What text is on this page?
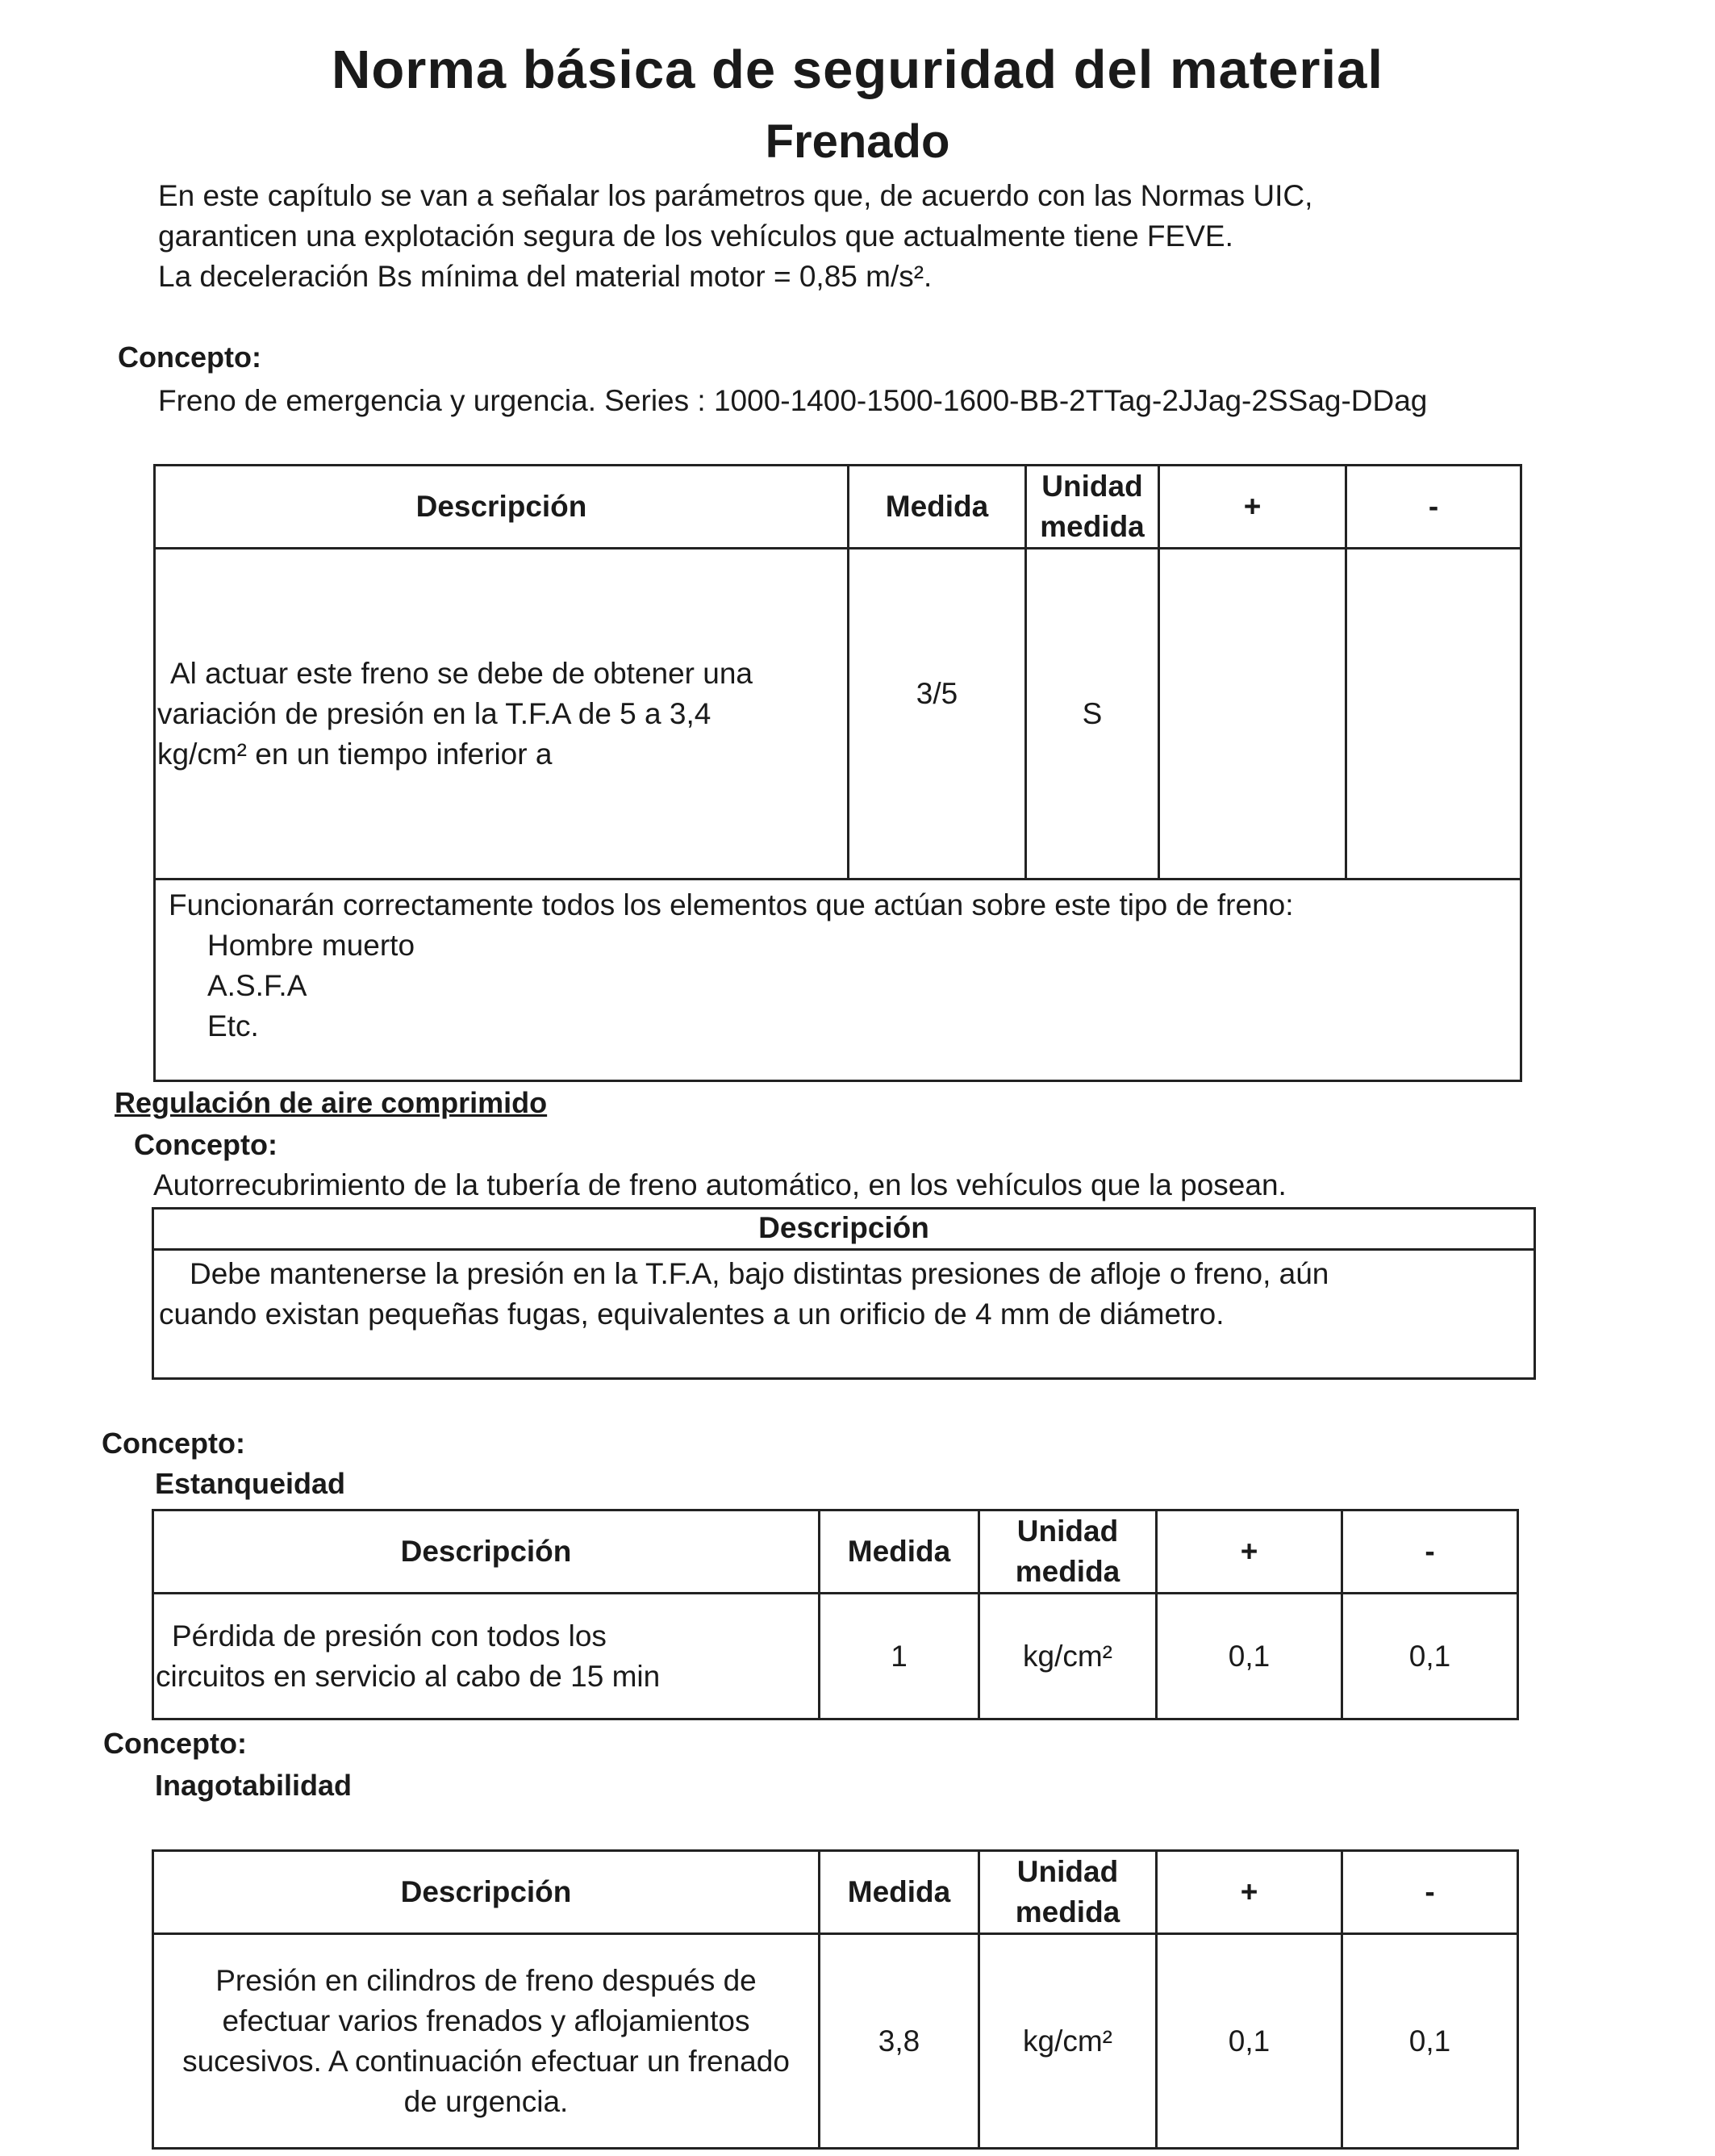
Norma básica de seguridad del material
Frenado
En este capítulo se van a señalar los parámetros que, de acuerdo con las Normas UIC,
garanticen una explotación segura de los vehículos que actualmente tiene FEVE.
La deceleración Bs mínima del material motor = 0,85 m/s².
Concepto:
Freno de emergencia y urgencia. Series : 1000-1400-1500-1600-BB-2TTag-2JJag-2SSag-DDag
Descripción	Medida	Unidad
medida	+	-

Al actuar este freno se debe de obtener una
variación de presión en la T.F.A de 5 a 3,4
kg/cm² en un tiempo inferior a	3/5	S		

Funcionarán correctamente todos los elementos que actúan sobre este tipo de freno:
Hombre muerto
A.S.F.A
Etc.				
Regulación de aire comprimido
Concepto:
Autorrecubrimiento de la tubería de freno automático, en los vehículos que la posean.
Descripción
Debe mantenerse la presión en la T.F.A, bajo distintas presiones de afloje o freno, aún
cuando existan pequeñas fugas, equivalentes a un orificio de 4 mm de diámetro.
Concepto:
Estanqueidad
Descripción	Medida	Unidad
medida	+	-

Pérdida de presión con todos los
circuitos en servicio al cabo de 15 min	1	kg/cm²	0,1	0,1
Concepto:
Inagotabilidad
Descripción	Medida	Unidad
medida	+	-

Presión en cilindros de freno después de
efectuar varios frenados y aflojamientos
sucesivos. A continuación efectuar un frenado
de urgencia.	3,8	kg/cm²	0,1	0,1
